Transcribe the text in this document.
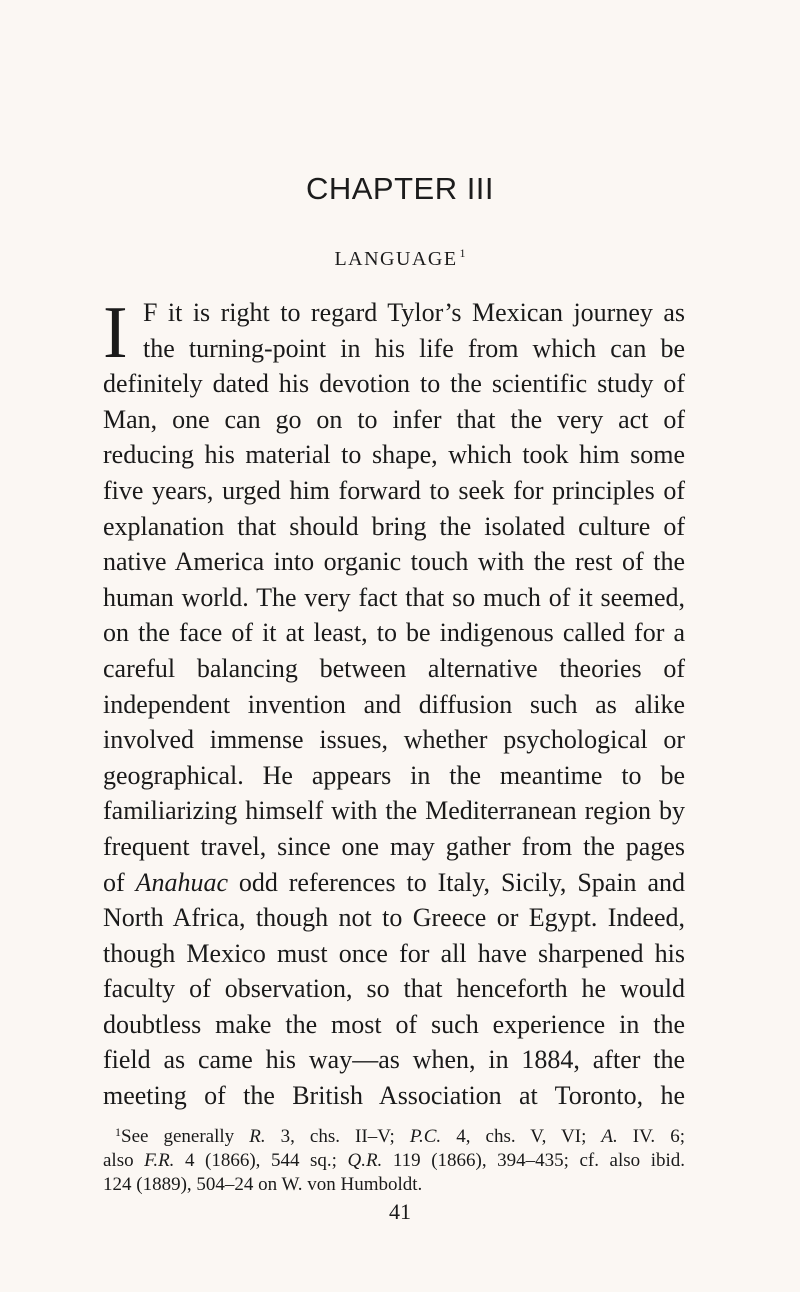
CHAPTER III
LANGUAGE $^1$
I F it is right to regard Tylor’s Mexican journey as
the turning-point in his life from which can be
definitely dated his devotion to the scientific study of
Man, one can go on to infer that the very act of
reducing his material to shape, which took him some
five years, urged him forward to seek for principles of
explanation that should bring the isolated culture of
native America into organic touch with the rest of the
human world. The very fact that so much of it seemed,
on the face of it at least, to be indigenous called for a
careful balancing between alternative theories of
independent invention and diffusion such as alike
involved immense issues, whether psychological or
geographical. He appears in the meantime to be
familiarizing himself with the Mediterranean region by
frequent travel, since one may gather from the pages
of Anahuac odd references to Italy, Sicily, Spain and
North Africa, though not to Greece or Egypt. Indeed,
though Mexico must once for all have sharpened his
faculty of observation, so that henceforth he would
doubtless make the most of such experience in the
field as came his way—as when, in 1884, after the
meeting of the British Association at Toronto, he
$^1$See generally R. 3, chs. II–V; P.C. 4, chs. V, VI; A. IV. 6;
also F.R. 4 (1866), 544 sq.; Q.R. 119 (1866), 394–435; cf. also ibid.
124 (1889), 504–24 on W. von Humboldt.
41
